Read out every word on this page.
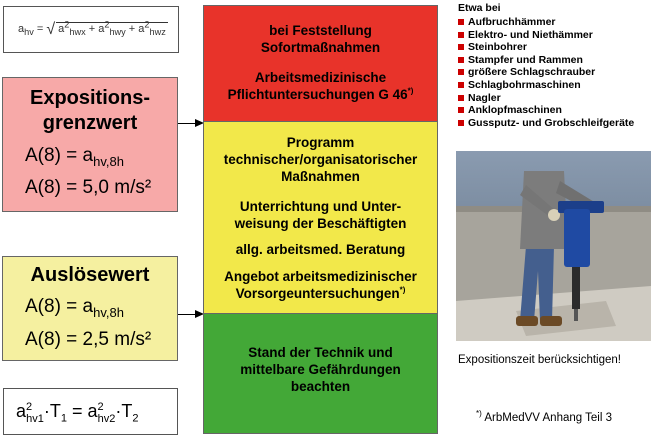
$a_{hv}$ = √ $a^2_{hwx} + a^2_{hwy} + a^2_{hwz}$
Expositions-
grenzwert
$A(8) = a_{hv,8h}$
A(8) = 5,0 m/s²
Auslösewert
$A(8) = a_{hv,8h}$
A(8) = 2,5 m/s²
$a^2_{hv1}\cdot T_1 = a^2_{hv2}\cdot T_2$
bei Feststellung
Sofortmaßnahmen
Arbeitsmedizinische
Pflichtuntersuchungen G 46*)
Programm
technischer/organisatorischer
Maßnahmen
Unterrichtung und Unter-
weisung der Beschäftigten
allg. arbeitsmed. Beratung
Angebot arbeitsmedizinischer
Vorsorgeuntersuchungen*)
Stand der Technik und
mittelbare Gefährdungen
beachten
Etwa bei
Aufbruchhämmer
Elektro- und Niethämmer
Steinbohrer
Stampfer und Rammen
größere Schlagschrauber
Schlagbohrmaschinen
Nagler
Anklopfmaschinen
Gussputz- und Grobschleifgeräte
Expositionszeit berücksichtigen!
*) ArbMedVV Anhang Teil 3
